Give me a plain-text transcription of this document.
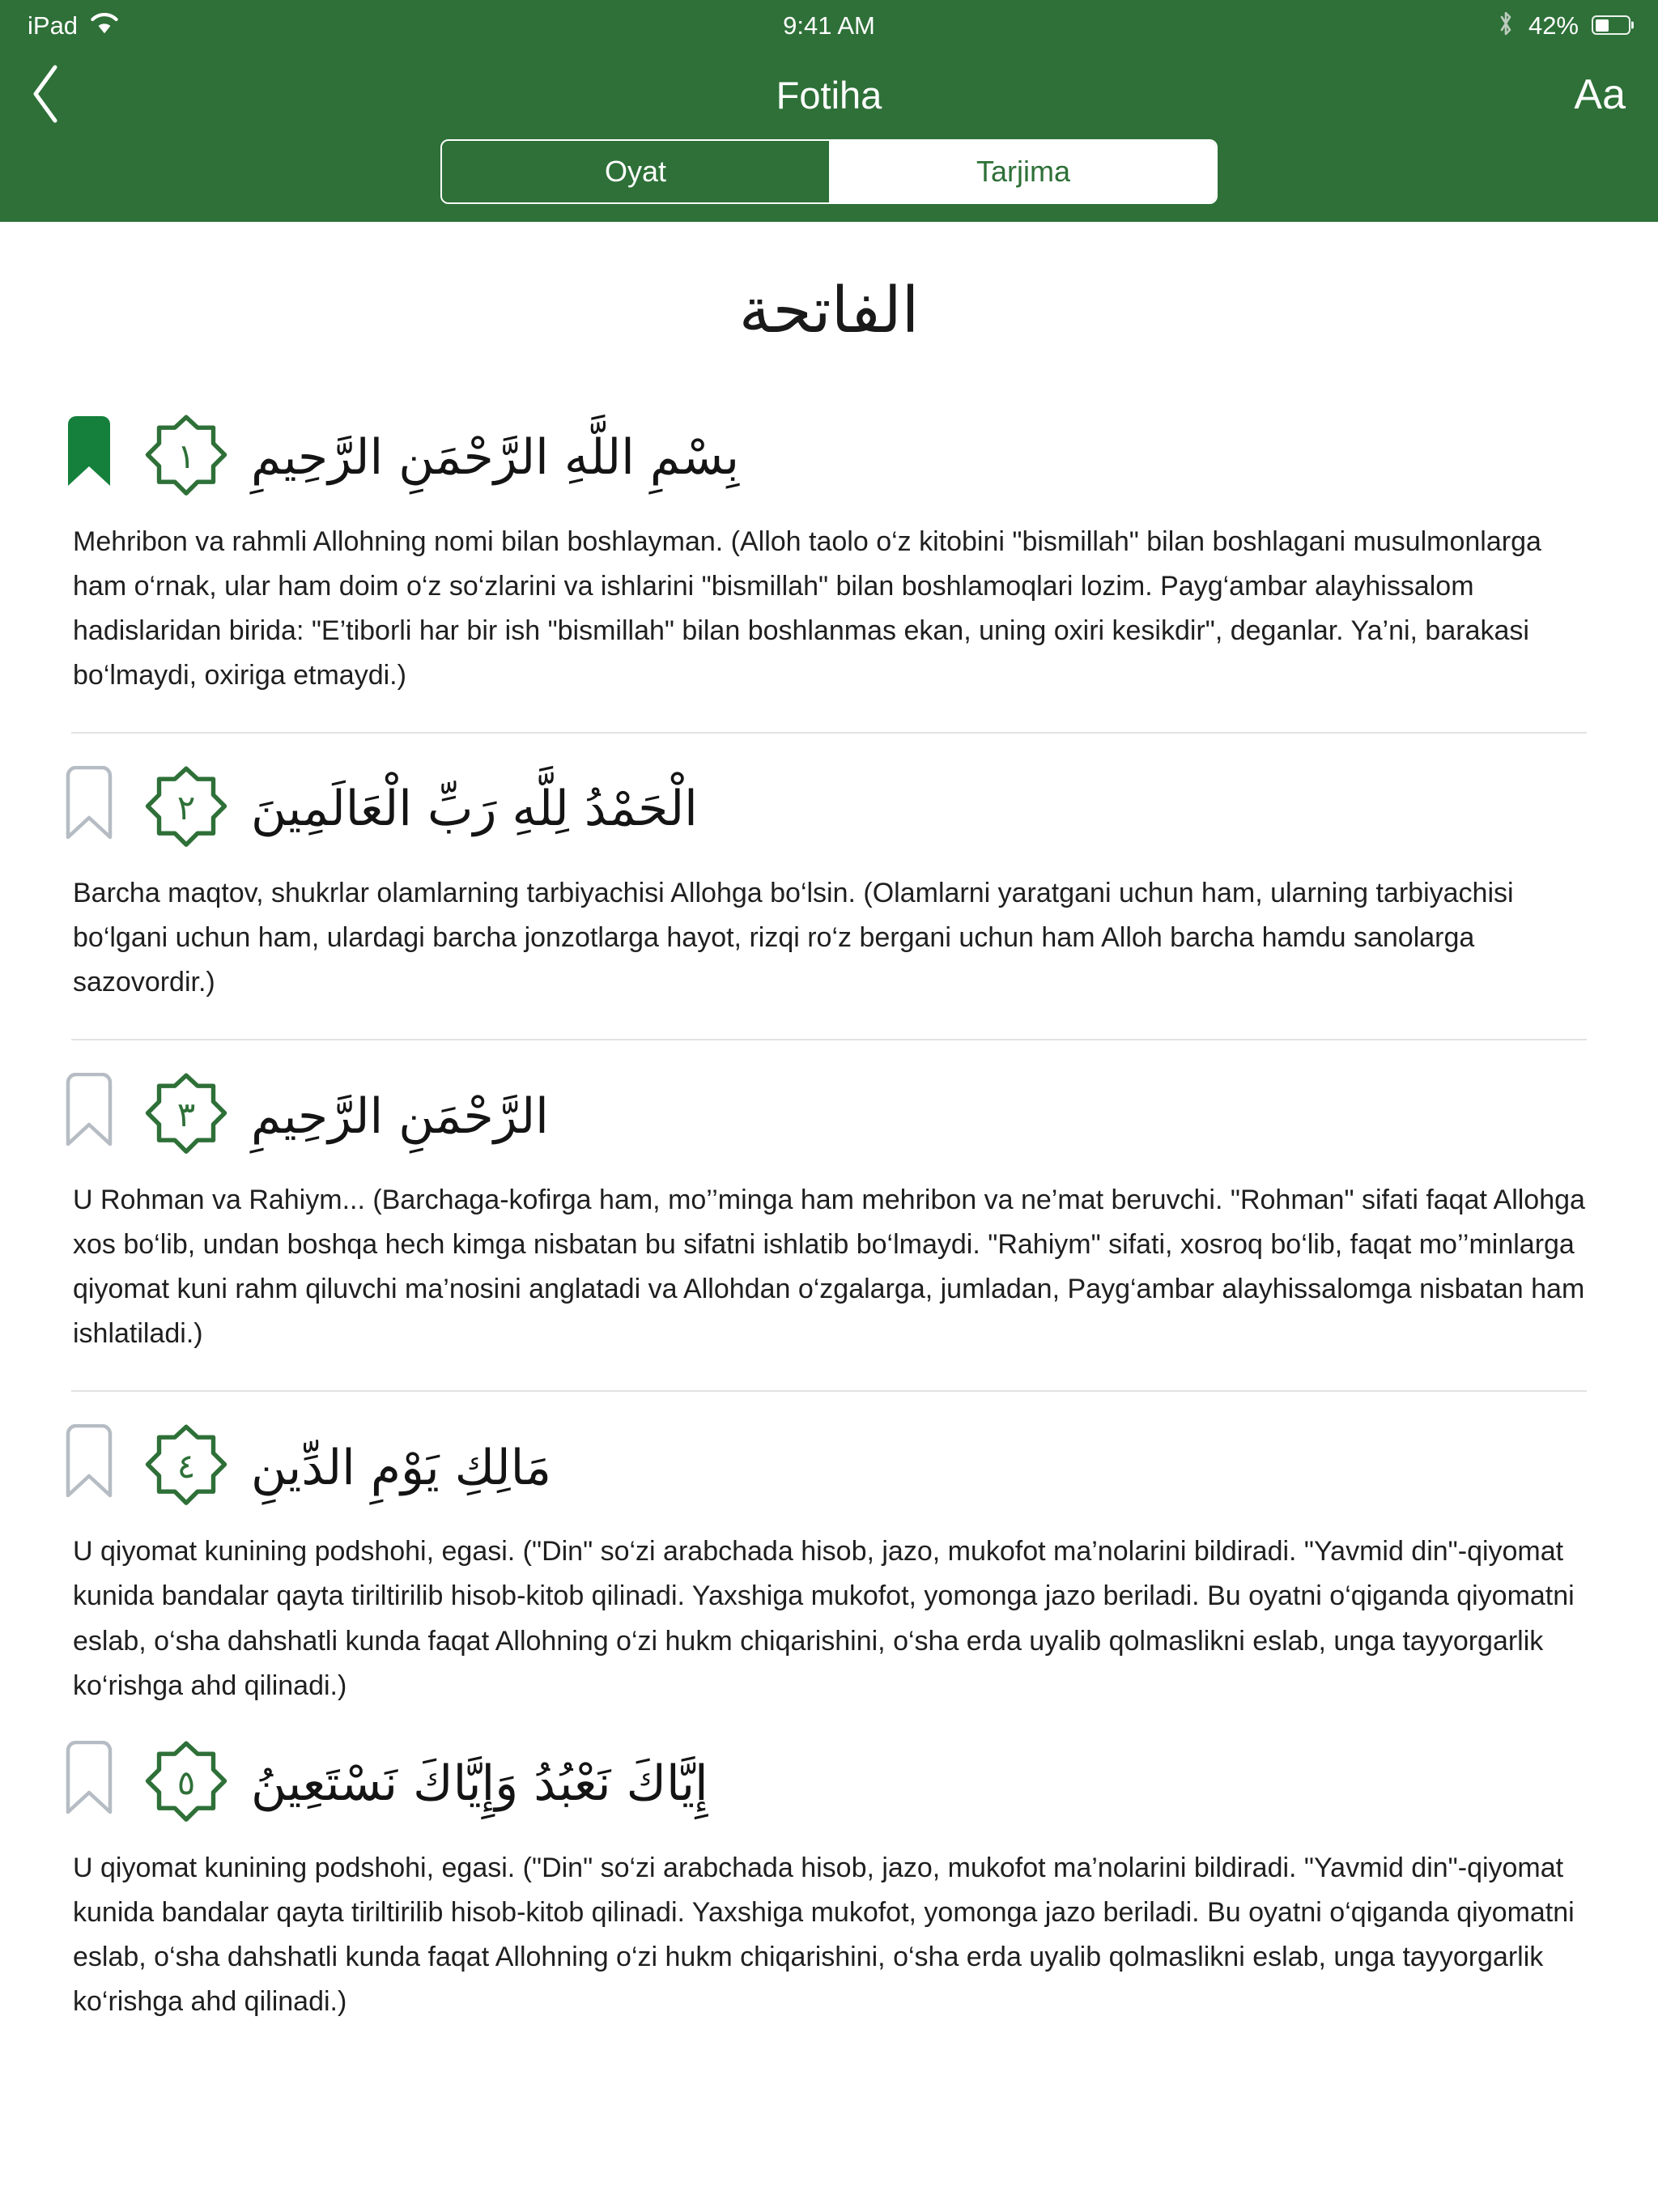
iPad	9:41 AM	42%
Fotiha	Aa
Oyat	Tarjima
الفاتحة
بِسْمِ اللَّهِ الرَّحْمَنِ الرَّحِيمِ
١
Mehribon va rahmli Allohning nomi bilan boshlayman. (Alloh taolo o‘z kitobini "bismillah" bilan boshlagani musulmonlarga ham o‘rnak, ular ham doim o‘z so‘zlarini va ishlarini "bismillah" bilan boshlamoqlari lozim. Payg‘ambar alayhissalom hadislaridan birida: "E’tiborli har bir ish "bismillah" bilan boshlanmas ekan, uning oxiri kesikdir", deganlar. Ya’ni, barakasi bo‘lmaydi, oxiriga etmaydi.)
الْحَمْدُ لِلَّهِ رَبِّ الْعَالَمِينَ
٢
Barcha maqtov, shukrlar olamlarning tarbiyachisi Allohga bo‘lsin. (Olamlarni yaratgani uchun ham, ularning tarbiyachisi bo‘lgani uchun ham, ulardagi barcha jonzotlarga hayot, rizqi ro‘z bergani uchun ham Alloh barcha hamdu sanolarga sazovordir.)
الرَّحْمَنِ الرَّحِيمِ
٣
U Rohman va Rahiym... (Barchaga-kofirga ham, mo’’minga ham mehribon va ne’mat beruvchi. "Rohman" sifati faqat Allohga xos bo‘lib, undan boshqa hech kimga nisbatan bu sifatni ishlatib bo‘lmaydi. "Rahiym" sifati, xosroq bo‘lib, faqat mo’’minlarga qiyomat kuni rahm qiluvchi ma’nosini anglatadi va Allohdan o‘zgalarga, jumladan, Payg‘ambar alayhissalomga nisbatan ham ishlatiladi.)
مَالِكِ يَوْمِ الدِّينِ
٤
U qiyomat kunining podshohi, egasi. ("Din" so‘zi arabchada hisob, jazo, mukofot ma’nolarini bildiradi. "Yavmid din"-qiyomat kunida bandalar qayta tiriltirilib hisob-kitob qilinadi. Yaxshiga mukofot, yomonga jazo beriladi. Bu oyatni o‘qiganda qiyomatni eslab, o‘sha dahshatli kunda faqat Allohning o‘zi hukm chiqarishini, o‘sha erda uyalib qolmaslikni eslab, unga tayyorgarlik ko‘rishga ahd qilinadi.)
إِيَّاكَ نَعْبُدُ وَإِيَّاكَ نَسْتَعِينُ
٥
U qiyomat kunining podshohi, egasi. ("Din" so‘zi arabchada hisob, jazo, mukofot ma’nolarini bildiradi. "Yavmid din"-qiyomat kunida bandalar qayta tiriltirilib hisob-kitob qilinadi. Yaxshiga mukofot, yomonga jazo beriladi. Bu oyatni o‘qiganda qiyomatni eslab, o‘sha dahshatli kunda faqat Allohning o‘zi hukm chiqarishini, o‘sha erda uyalib qolmaslikni eslab, unga tayyorgarlik ko‘rishga ahd qilinadi.)
